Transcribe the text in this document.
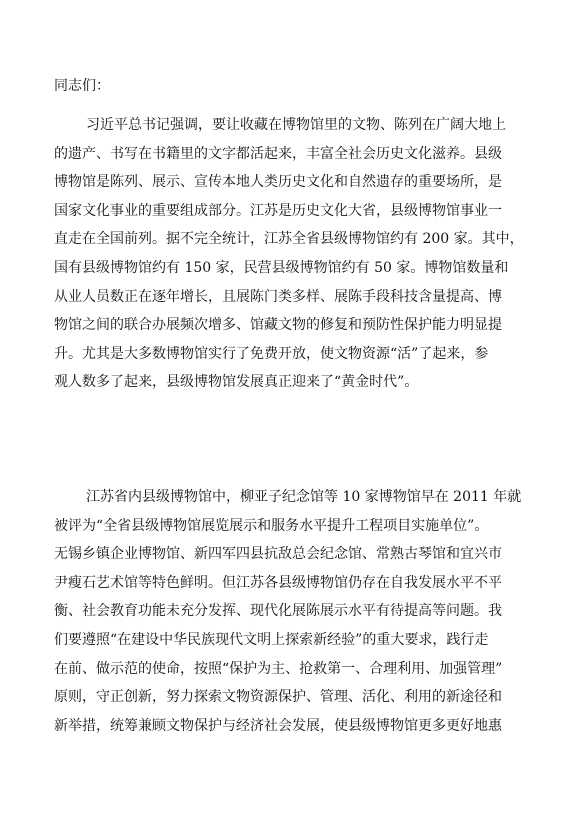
同志们：
习近平总书记强调，要让收藏在博物馆里的文物、陈列在广阔大地上
的遗产、书写在书籍里的文字都活起来，丰富全社会历史文化滋养。县级
博物馆是陈列、展示、宣传本地人类历史文化和自然遗存的重要场所，是
国家文化事业的重要组成部分。江苏是历史文化大省，县级博物馆事业一
直走在全国前列。据不完全统计，江苏全省县级博物馆约有 200 家。其中，
国有县级博物馆约有 150 家，民营县级博物馆约有 50 家。博物馆数量和
从业人员数正在逐年增长，且展陈门类多样、展陈手段科技含量提高、博
物馆之间的联合办展频次增多、馆藏文物的修复和预防性保护能力明显提
升。尤其是大多数博物馆实行了免费开放，使文物资源“活”了起来，参
观人数多了起来，县级博物馆发展真正迎来了“黄金时代”。
江苏省内县级博物馆中，柳亚子纪念馆等 10 家博物馆早在 2011 年就
被评为“全省县级博物馆展览展示和服务水平提升工程项目实施单位”。
无锡乡镇企业博物馆、新四军四县抗敌总会纪念馆、常熟古琴馆和宜兴市
尹瘦石艺术馆等特色鲜明。但江苏各县级博物馆仍存在自我发展水平不平
衡、社会教育功能未充分发挥、现代化展陈展示水平有待提高等问题。我
们要遵照“在建设中华民族现代文明上探索新经验”的重大要求，践行走
在前、做示范的使命，按照“保护为主、抢救第一、合理利用、加强管理”
原则，守正创新，努力探索文物资源保护、管理、活化、利用的新途径和
新举措，统筹兼顾文物保护与经济社会发展，使县级博物馆更多更好地惠
